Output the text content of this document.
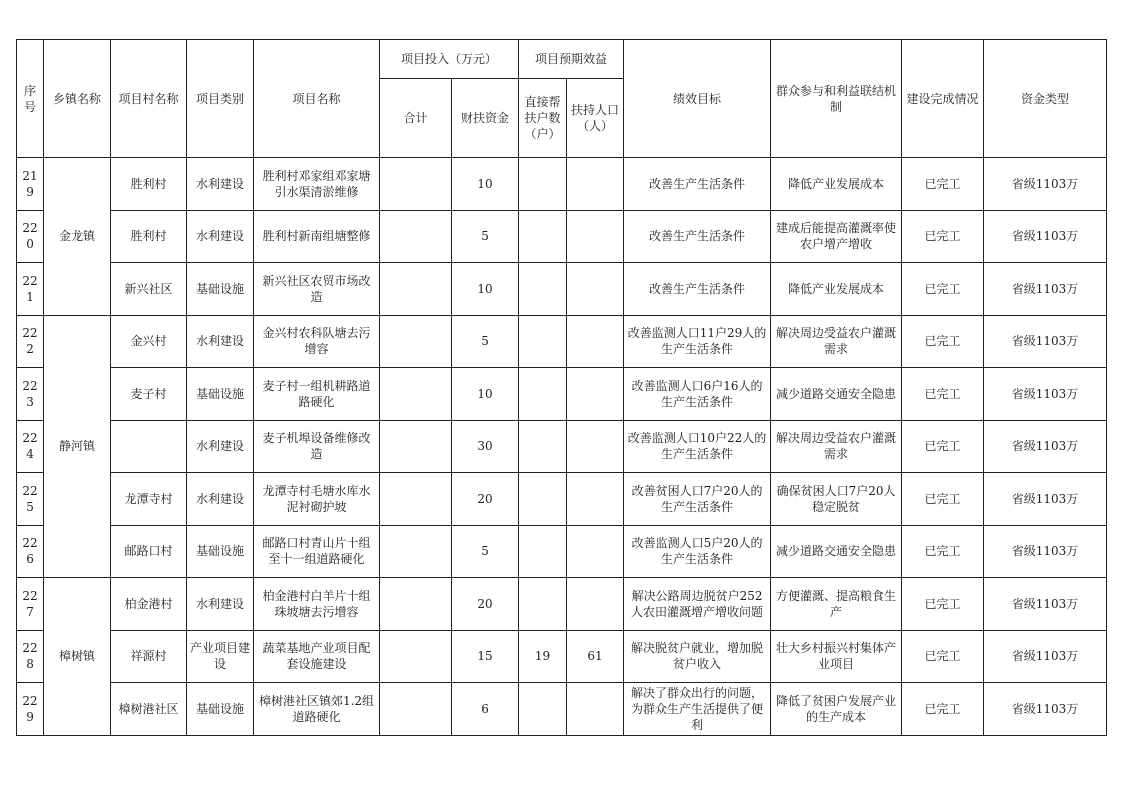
序号	乡镇名称	项目村名称	项目类别	项目名称	项目投入（万元）		项目预期效益		绩效目标	群众参与和利益联结机制	建设完成情况	资金类型
					合计	财扶资金	直接帮扶户数（户）	扶持人口（人）				
219	金龙镇	胜利村	水利建设	胜利村邓家组邓家塘引水渠清淤维修		10			改善生产生活条件	降低产业发展成本	已完工	省级1103万
220		胜利村	水利建设	胜利村新南组塘整修		5			改善生产生活条件	建成后能提高灌溉率使农户增产增收	已完工	省级1103万
221		新兴社区	基础设施	新兴社区农贸市场改造		10			改善生产生活条件	降低产业发展成本	已完工	省级1103万
222	静河镇	金兴村	水利建设	金兴村农科队塘去污增容		5			改善监测人口11户29人的生产生活条件	解决周边受益农户灌溉需求	已完工	省级1103万
223		麦子村	基础设施	麦子村一组机耕路道路硬化		10			改善监测人口6户16人的生产生活条件	减少道路交通安全隐患	已完工	省级1103万
224			水利建设	麦子机埠设备维修改造		30			改善监测人口10户22人的生产生活条件	解决周边受益农户灌溉需求	已完工	省级1103万
225		龙潭寺村	水利建设	龙潭寺村毛塘水库水泥衬砌护坡		20			改善贫困人口7户20人的生产生活条件	确保贫困人口7户20人稳定脱贫	已完工	省级1103万
226		邮路口村	基础设施	邮路口村青山片十组至十一组道路硬化		5			改善监测人口5户20人的生产生活条件	减少道路交通安全隐患	已完工	省级1103万
227	樟树镇	柏金港村	水利建设	柏金港村白羊片十组珠坡塘去污增容		20			解决公路周边脱贫户252人农田灌溉增产增收问题	方便灌溉、提高粮食生产	已完工	省级1103万
228		祥源村	产业项目建设	蔬菜基地产业项目配套设施建设		15	19	61	解决脱贫户就业，增加脱贫户收入	壮大乡村振兴村集体产业项目	已完工	省级1103万
229		樟树港社区	基础设施	樟树港社区镇郊1.2组道路硬化		6			解决了群众出行的问题，为群众生产生活提供了便利	降低了贫困户发展产业的生产成本	已完工	省级1103万
